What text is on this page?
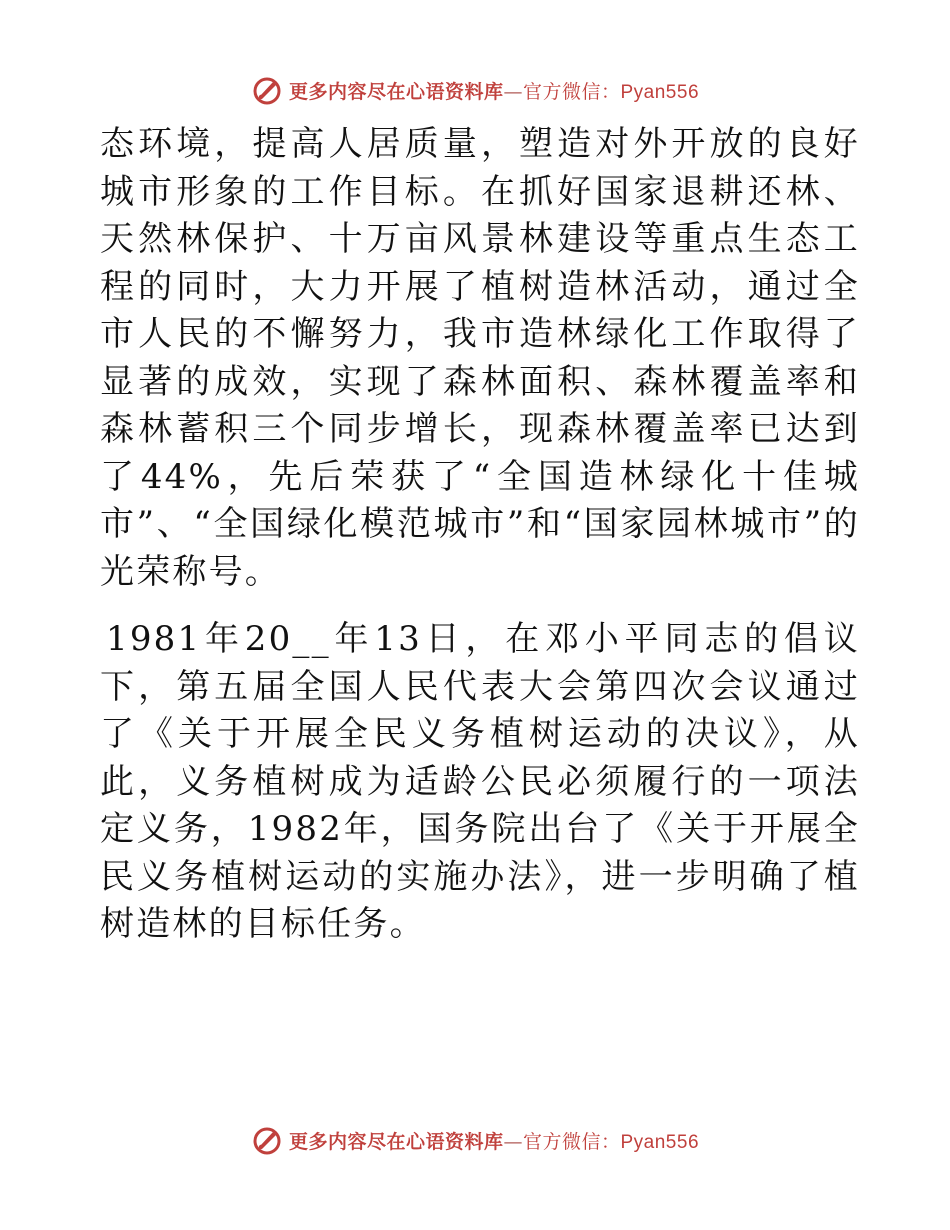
更多内容尽在心语资料库—官方微信：Pyan556

态环境，提高人居质量，塑造对外开放的良好城市形象的工作目标。在抓好国家退耕还林、天然林保护、十万亩风景林建设等重点生态工程的同时，大力开展了植树造林活动，通过全市人民的不懈努力，我市造林绿化工作取得了显著的成效，实现了森林面积、森林覆盖率和森林蓄积三个同步增长，现森林覆盖率已达到了44%，先后荣获了“全国造林绿化十佳城市”、“全国绿化模范城市”和“国家园林城市”的光荣称号。

1981年20__年13日，在邓小平同志的倡议下，第五届全国人民代表大会第四次会议通过了《关于开展全民义务植树运动的决议》，从此，义务植树成为适龄公民必须履行的一项法定义务，1982年，国务院出台了《关于开展全民义务植树运动的实施办法》，进一步明确了植树造林的目标任务。

更多内容尽在心语资料库—官方微信：Pyan556
